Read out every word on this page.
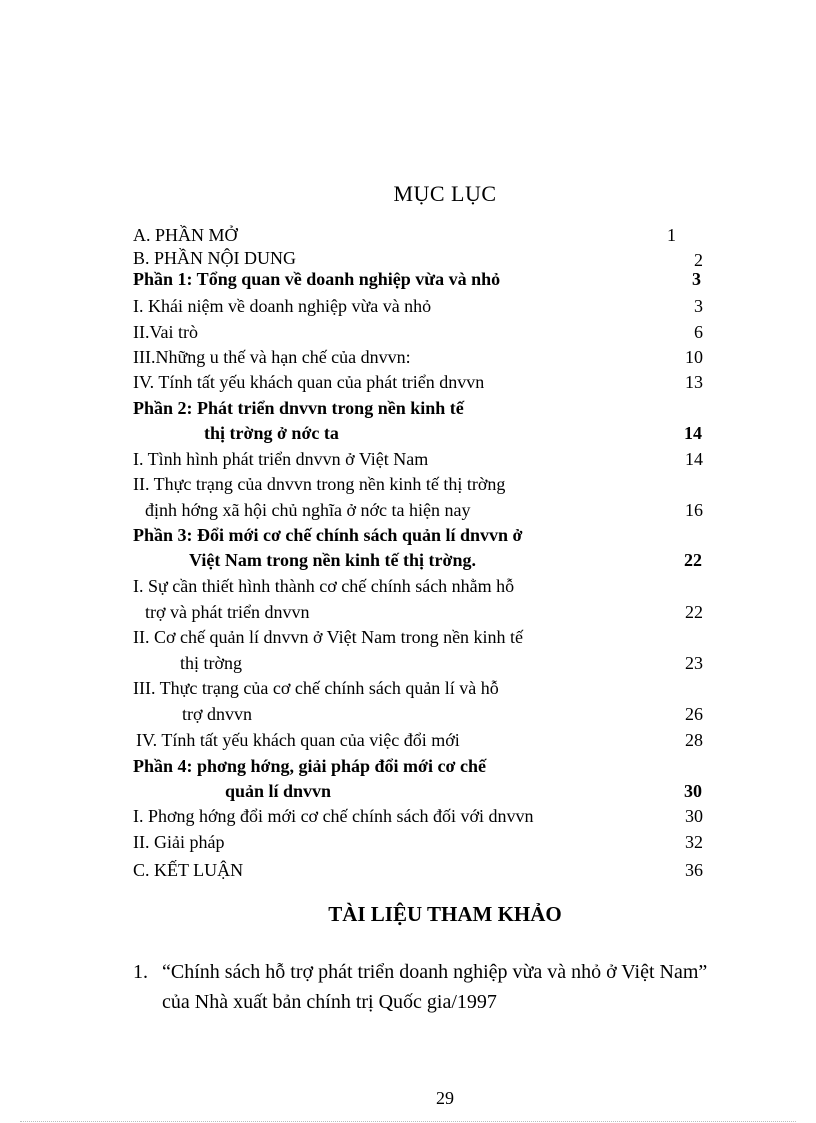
MỤC LỤC
A. PHẦN MỞ	1
B. PHẦN NỘI DUNG	2
Phần 1: Tổng quan về doanh nghiệp vừa và nhỏ	3
I. Khái niệm về doanh nghiệp vừa và nhỏ	3
II.Vai trò	6
III.Những u thế và hạn chế của dnvvn:	10
IV. Tính tất yếu khách quan của phát triển dnvvn	13
Phần 2: Phát triển dnvvn trong nền kinh tế
thị trờng ở nớc ta	14
I. Tình hình phát triển dnvvn ở Việt Nam	14
II. Thực trạng của dnvvn trong nền kinh tế thị trờng
định hớng xã hội chủ nghĩa ở nớc ta hiện nay	16
Phần 3: Đổi mới cơ chế chính sách quản lí dnvvn ở
Việt Nam trong nền kinh tế thị trờng.	22
I. Sự cần thiết hình thành cơ chế chính sách nhằm hỗ
trợ và phát triển dnvvn	22
II. Cơ chế quản lí dnvvn ở Việt Nam trong nền kinh tế
thị trờng	23
III. Thực trạng của cơ chế chính sách quản lí và hỗ
trợ dnvvn	26
IV. Tính tất yếu khách quan của việc đổi mới	28
Phần 4: phơng hớng, giải pháp đổi mới cơ chế
quản lí dnvvn	30
I. Phơng hớng đổi mới cơ chế chính sách đối với dnvvn	30
II. Giải pháp	32
C. KẾT LUẬN	36
TÀI LIỆU THAM KHẢO
1. “Chính sách hỗ trợ phát triển doanh nghiệp vừa và nhỏ ở Việt Nam”
của Nhà xuất bản chính trị Quốc gia/1997
29
